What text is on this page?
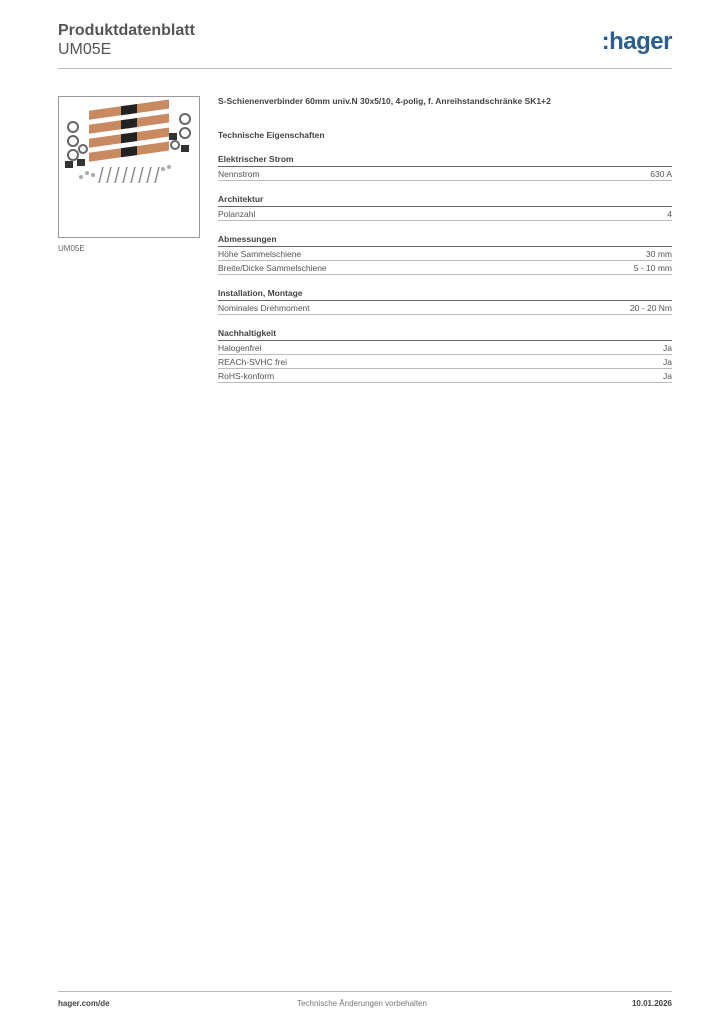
Produktdatenblatt
UM05E	:hager
UM05E
S-Schienenverbinder 60mm univ.N 30x5/10, 4-polig, f. Anreihstandschränke SK1+2
Technische Eigenschaften
Elektrischer Strom
Nennstrom	630 A
Architektur
Polanzahl	4
Abmessungen
Höhe Sammelschiene	30 mm
Breite/Dicke Sammelschiene	5 - 10 mm
Installation, Montage
Nominales Drehmoment	20 - 20 Nm
Nachhaltigkeit
Halogenfrei	Ja
REACh-SVHC frei	Ja
RoHS-konform	Ja
hager.com/de	Technische Änderungen vorbehalten	10.01.2026
